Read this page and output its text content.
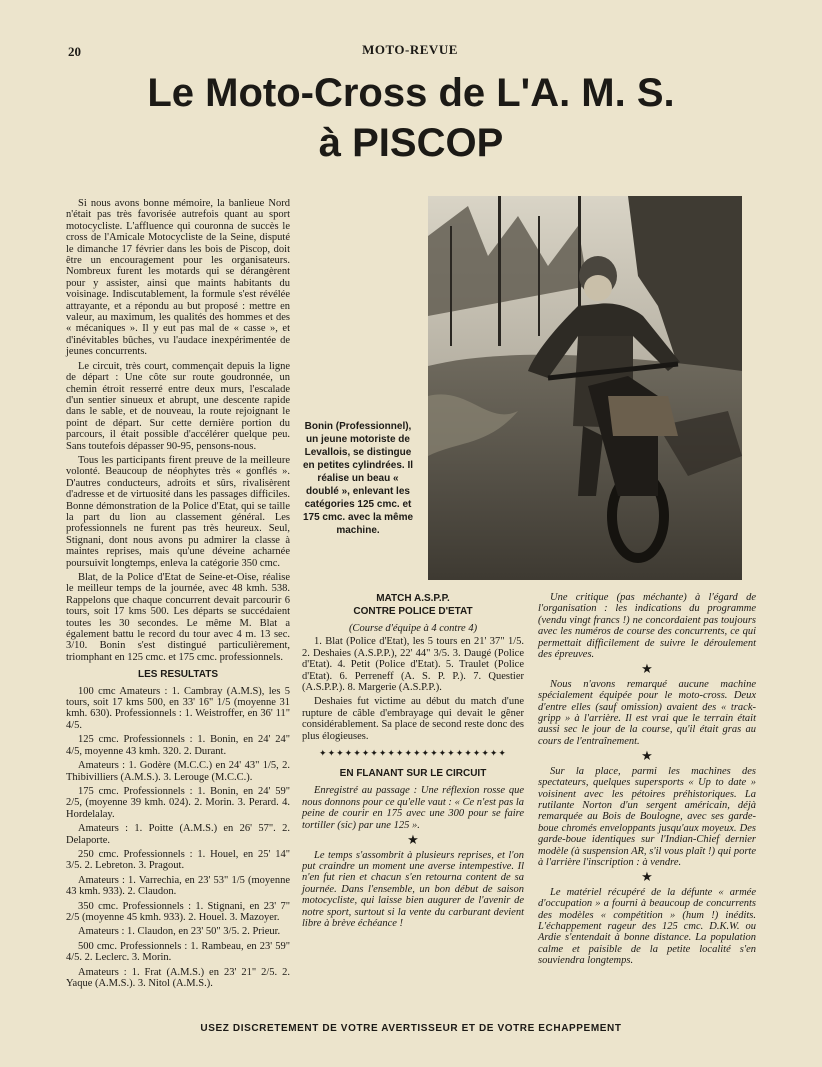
20	MOTO-REVUE
Le Moto-Cross de L'A. M. S.
à PISCOP

Si nous avons bonne mémoire, la banlieue Nord n'était pas très favorisée autrefois quant au sport motocycliste. L'affluence qui couronna de succès le cross de l'Amicale Motocycliste de la Seine, disputé le dimanche 17 février dans les bois de Piscop, doit être un encouragement pour les organisateurs. Nombreux furent les motards qui se dérangèrent pour y assister, ainsi que maints habitants du voisinage. Indiscutablement, la formule s'est révélée attrayante, et a répondu au but proposé : mettre en valeur, au maximum, les qualités des hommes et des « mécaniques ». Il y eut pas mal de « casse », et d'inévitables bûches, vu l'audace inexpérimentée de jeunes concurrents.

Le circuit, très court, commençait depuis la ligne de départ : Une côte sur route goudronnée, un chemin étroit resserré entre deux murs, l'escalade d'un sentier sinueux et abrupt, une descente rapide dans le sable, et de nouveau, la route rejoignant le point de départ. Sur cette dernière portion du parcours, il était possible d'accélérer quelque peu. Sans toutefois dépasser 90-95, pensons-nous.

Tous les participants firent preuve de la meilleure volonté. Beaucoup de néophytes très « gonflés ». D'autres conducteurs, adroits et sûrs, rivalisèrent d'adresse et de virtuosité dans les passages difficiles. Bonne démonstration de la Police d'Etat, qui se taille la part du lion au classement général. Les professionnels ne furent pas très heureux. Seul, Stignani, dont nous avons pu admirer la classe à maintes reprises, mais qu'une déveine acharnée poursuivit longtemps, enleva la catégorie 350 cmc.

Blat, de la Police d'Etat de Seine-et-Oise, réalise le meilleur temps de la journée, avec 48 kmh. 538. Rappelons que chaque concurrent devait parcourir 6 tours, soit 17 kms 500. Les départs se succédaient toutes les 30 secondes. Le même M. Blat a également battu le record du tour avec 4 m. 13 sec. 3/10. Bonin s'est distingué particulièrement, triomphant en 125 cmc. et 175 cmc. professionnels.

LES RESULTATS

100 cmc Amateurs : 1. Cambray (A.M.S), les 5 tours, soit 17 kms 500, en 33' 16" 1/5 (moyenne 31 kmh. 630). Professionnels : 1. Weistroffer, en 36' 11" 4/5.

125 cmc. Professionnels : 1. Bonin, en 24' 24" 4/5, moyenne 43 kmh. 320. 2. Durant.

Amateurs : 1. Godère (M.C.C.) en 24' 43" 1/5, 2. Thibivilliers (A.M.S.). 3. Lerouge (M.C.C.).

175 cmc. Professionnels : 1. Bonin, en 24' 59" 2/5, (moyenne 39 kmh. 024). 2. Morin. 3. Perard. 4. Hordelalay.

Amateurs : 1. Poitte (A.M.S.) en 26' 57". 2. Delaporte.

250 cmc. Professionnels : 1. Houel, en 25' 14" 3/5. 2. Lebreton. 3. Pragout.

Amateurs : 1. Varrechia, en 23' 53" 1/5 (moyenne 43 kmh. 933). 2. Claudon.

350 cmc. Professionnels : 1. Stignani, en 23' 7" 2/5 (moyenne 45 kmh. 933). 2. Houel. 3. Mazoyer.

Amateurs : 1. Claudon, en 23' 50" 3/5. 2. Prieur.

500 cmc. Professionnels : 1. Rambeau, en 23' 59" 4/5. 2. Leclerc. 3. Morin.

Amateurs : 1. Frat (A.M.S.) en 23' 21" 2/5. 2. Yaque (A.M.S.). 3. Nitol (A.M.S.).

Bonin (Professionnel), un jeune motoriste de Levallois, se distingue en petites cylindrées. Il réalise un beau « doublé », enlevant les catégories 125 cmc. et 175 cmc. avec la même machine.
MATCH A.S.P.P.
CONTRE POLICE D'ETAT
(Course d'équipe à 4 contre 4)

1. Blat (Police d'Etat), les 5 tours en 21' 37" 1/5. 2. Deshaies (A.S.P.P.), 22' 44" 3/5. 3. Daugé (Police d'Etat). 4. Petit (Police d'Etat). 5. Traulet (Police d'Etat). 6. Perreneff (A. S. P. P.). 7. Questier (A.S.P.P.). 8. Margerie (A.S.P.P.).

Deshaies fut victime au début du match d'une rupture de câble d'embrayage qui devait le gêner considérablement. Sa place de second reste donc des plus élogieuses.

✦✦✦✦✦✦✦✦✦✦✦✦✦✦✦✦✦✦✦✦✦✦
EN FLANANT SUR LE CIRCUIT

Enregistré au passage : Une réflexion rosse que nous donnons pour ce qu'elle vaut : « Ce n'est pas la peine de courir en 175 avec une 300 pour se faire tortiller (sic) par une 125 ».

★

Le temps s'assombrit à plusieurs reprises, et l'on put craindre un moment une averse intempestive. Il n'en fut rien et chacun s'en retourna content de sa journée. Dans l'ensemble, un bon début de saison motocycliste, qui laisse bien augurer de l'avenir de notre sport, surtout si la vente du carburant devient libre à brève échéance !

Une critique (pas méchante) à l'égard de l'organisation : les indications du programme (vendu vingt francs !) ne concordaient pas toujours avec les numéros de course des concurrents, ce qui permettait difficilement de suivre le déroulement des épreuves.

★

Nous n'avons remarqué aucune machine spécialement équipée pour le moto-cross. Deux d'entre elles (sauf omission) avaient des « track-gripp » à l'arrière. Il est vrai que le terrain était aussi sec le jour de la course, qu'il était gras au cours de l'entraînement.

★

Sur la place, parmi les machines des spectateurs, quelques supersports « Up to date » voisinent avec les pétoires préhistoriques. La rutilante Norton d'un sergent américain, déjà remarquée au Bois de Boulogne, avec ses garde-boue chromés enveloppants jusqu'aux moyeux. Des garde-boue identiques sur l'Indian-Chief dernier modèle (à suspension AR, s'il vous plaît !) qui porte à l'arrière l'inscription : à vendre.

★

Le matériel récupéré de la défunte « armée d'occupation » a fourni à beaucoup de concurrents des modèles « compétition » (hum !) inédits. L'échappement rageur des 125 cmc. D.K.W. ou Ardie s'entendait à bonne distance. La population calme et paisible de la petite localité s'en souviendra longtemps.

USEZ DISCRETEMENT DE VOTRE AVERTISSEUR ET DE VOTRE ECHAPPEMENT
